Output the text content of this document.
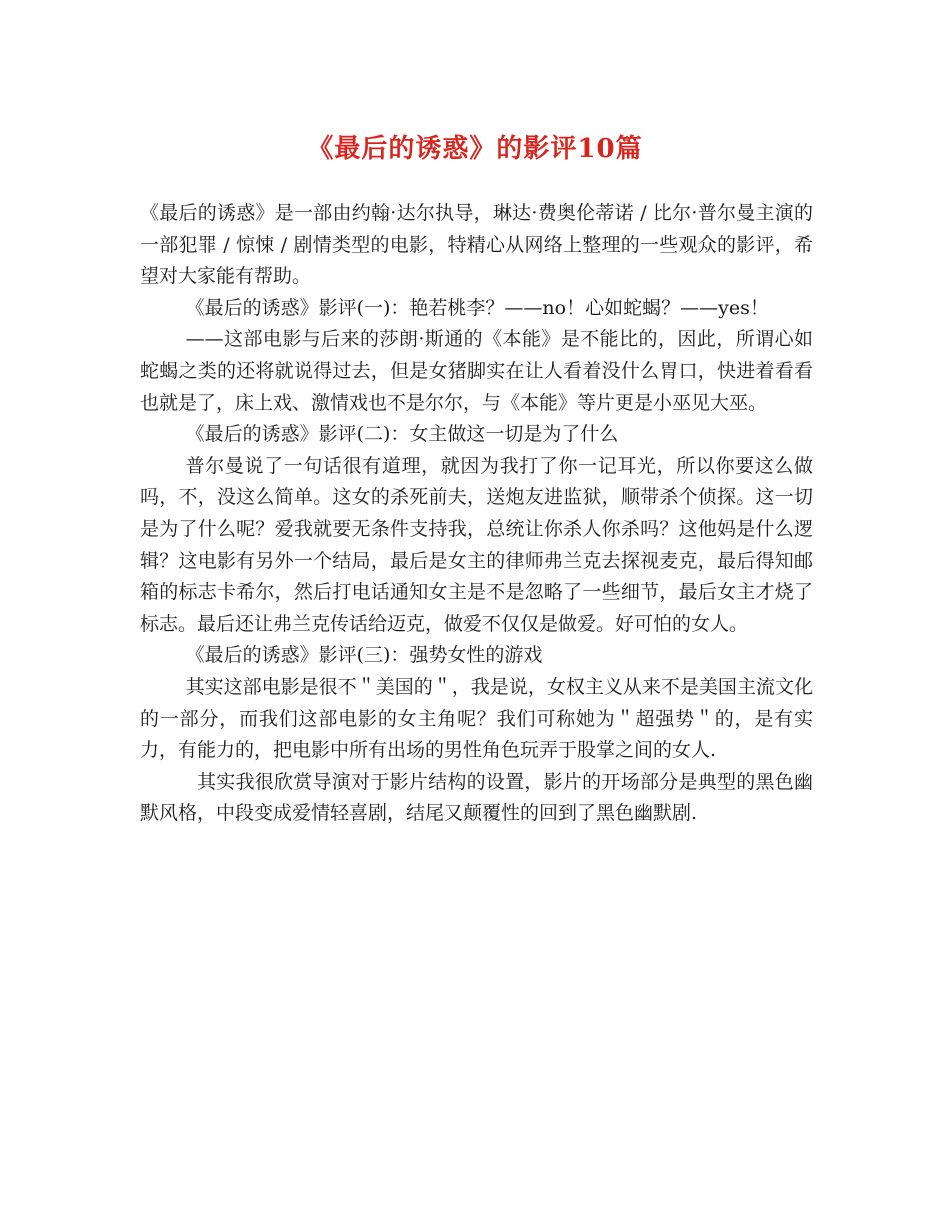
《最后的诱惑》的影评10篇

《最后的诱惑》是一部由约翰·达尔执导，琳达·费奥伦蒂诺 / 比尔·普尔曼主演的一部犯罪 / 惊悚 / 剧情类型的电影，特精心从网络上整理的一些观众的影评，希望对大家能有帮助。

《最后的诱惑》影评(一)：艳若桃李？——no！心如蛇蝎？——yes！

——这部电影与后来的莎朗·斯通的《本能》是不能比的，因此，所谓心如蛇蝎之类的还将就说得过去，但是女猪脚实在让人看着没什么胃口，快进着看看也就是了，床上戏、激情戏也不是尔尔，与《本能》等片更是小巫见大巫。

《最后的诱惑》影评(二)：女主做这一切是为了什么

普尔曼说了一句话很有道理，就因为我打了你一记耳光，所以你要这么做吗，不，没这么简单。这女的杀死前夫，送炮友进监狱，顺带杀个侦探。这一切是为了什么呢？爱我就要无条件支持我，总统让你杀人你杀吗？这他妈是什么逻辑？这电影有另外一个结局，最后是女主的律师弗兰克去探视麦克，最后得知邮箱的标志卡希尔，然后打电话通知女主是不是忽略了一些细节，最后女主才烧了标志。最后还让弗兰克传话给迈克，做爱不仅仅是做爱。好可怕的女人。

《最后的诱惑》影评(三)：强势女性的游戏

其实这部电影是很不＂美国的＂，我是说，女权主义从来不是美国主流文化的一部分，而我们这部电影的女主角呢？我们可称她为＂超强势＂的，是有实力，有能力的，把电影中所有出场的男性角色玩弄于股掌之间的女人.

其实我很欣赏导演对于影片结构的设置，影片的开场部分是典型的黑色幽默风格，中段变成爱情轻喜剧，结尾又颠覆性的回到了黑色幽默剧.
